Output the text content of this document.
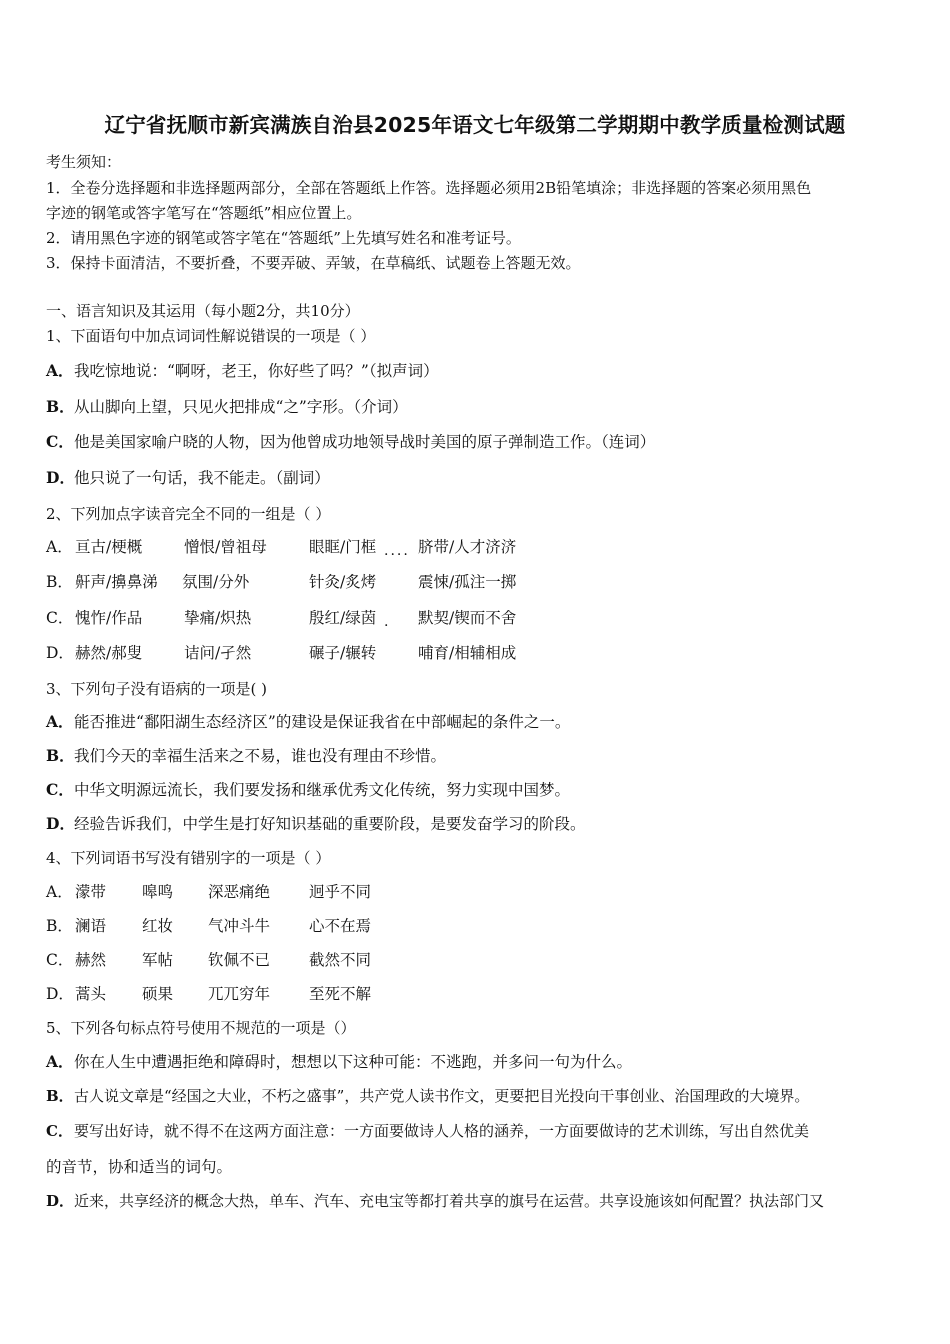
辽宁省抚顺市新宾满族自治县2025年语文七年级第二学期期中教学质量检测试题
考生须知：
1．全卷分选择题和非选择题两部分，全部在答题纸上作答。选择题必须用2B铅笔填涂；非选择题的答案必须用黑色
字迹的钢笔或答字笔写在“答题纸”相应位置上。
2．请用黑色字迹的钢笔或答字笔在“答题纸”上先填写姓名和准考证号。
3．保持卡面清洁，不要折叠，不要弄破、弄皱，在草稿纸、试题卷上答题无效。
一、语言知识及其运用（每小题2分，共10分）
1、下面语句中加点词词性解说错误的一项是（ ）
A．我吃惊地说：“啊呀，老王，你好些了吗？”（拟声词）
B．从山脚向上望，只见火把排成“之”字形。（介词）
C．他是美国家喻户晓的人物，因为他曾成功地领导战时美国的原子弹制造工作。（连词）
D．他只说了一句话，我不能走。（副词）
2、下列加点字读音完全不同的一组是（ ）
A． 亘古/梗概	憎恨/曾祖母	眼眶/门框 .... 脐带/人才济济
B． 鼾声/擤鼻涕 氛围/分外	针灸/炙烤	震悚/孤注一掷
C． 愧怍/作品	挚痛/炽热	殷红/绿茵 . 默契/锲而不舍
D． 赫然/郝叟	诘问/孑然	碾子/辗转	哺育/相辅相成
3、下列句子没有语病的一项是( )
A．能否推进“鄱阳湖生态经济区”的建设是保证我省在中部崛起的条件之一。
B．我们今天的幸福生活来之不易，谁也没有理由不珍惜。
C．中华文明源远流长，我们要发扬和继承优秀文化传统，努力实现中国梦。
D．经验告诉我们，中学生是打好知识基础的重要阶段，是要发奋学习的阶段。
4、下列词语书写没有错别字的一项是（ ）
A． 濛带 嗥鸣 深恶痛绝	迥乎不同
B． 澜语 红妆 气冲斗牛	心不在焉
C． 赫然 军帖 钦佩不已	截然不同
D． 蒿头 硕果 兀兀穷年	至死不解
5、下列各句标点符号使用不规范的一项是（）
A．你在人生中遭遇拒绝和障碍时，想想以下这种可能：不逃跑，并多问一句为什么。
B．古人说文章是“经国之大业，不朽之盛事”，共产党人读书作文，更要把目光投向干事创业、治国理政的大境界。
C．要写出好诗，就不得不在这两方面注意：一方面要做诗人人格的涵养，一方面要做诗的艺术训练，写出自然优美
的音节，协和适当的词句。
D．近来，共享经济的概念大热，单车、汽车、充电宝等都打着共享的旗号在运营。共享设施该如何配置？执法部门又
